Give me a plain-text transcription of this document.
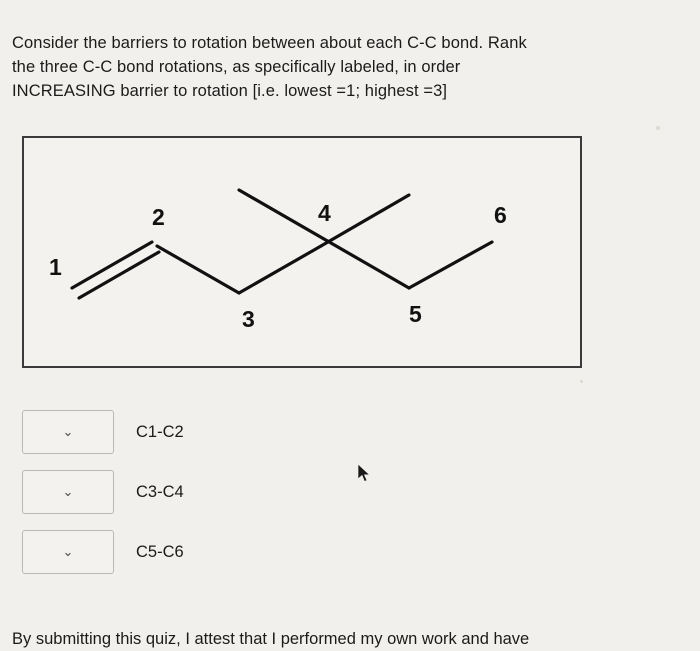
Consider the barriers to rotation between about each C-C bond. Rank
the three C-C bond rotations, as specifically labeled, in order
INCREASING barrier to rotation [i.e. lowest =1; highest =3]
1
2
3
4
5
6
⌄	C1-C2
⌄	C3-C4
⌄	C5-C6
By submitting this quiz, I attest that I performed my own work and have
